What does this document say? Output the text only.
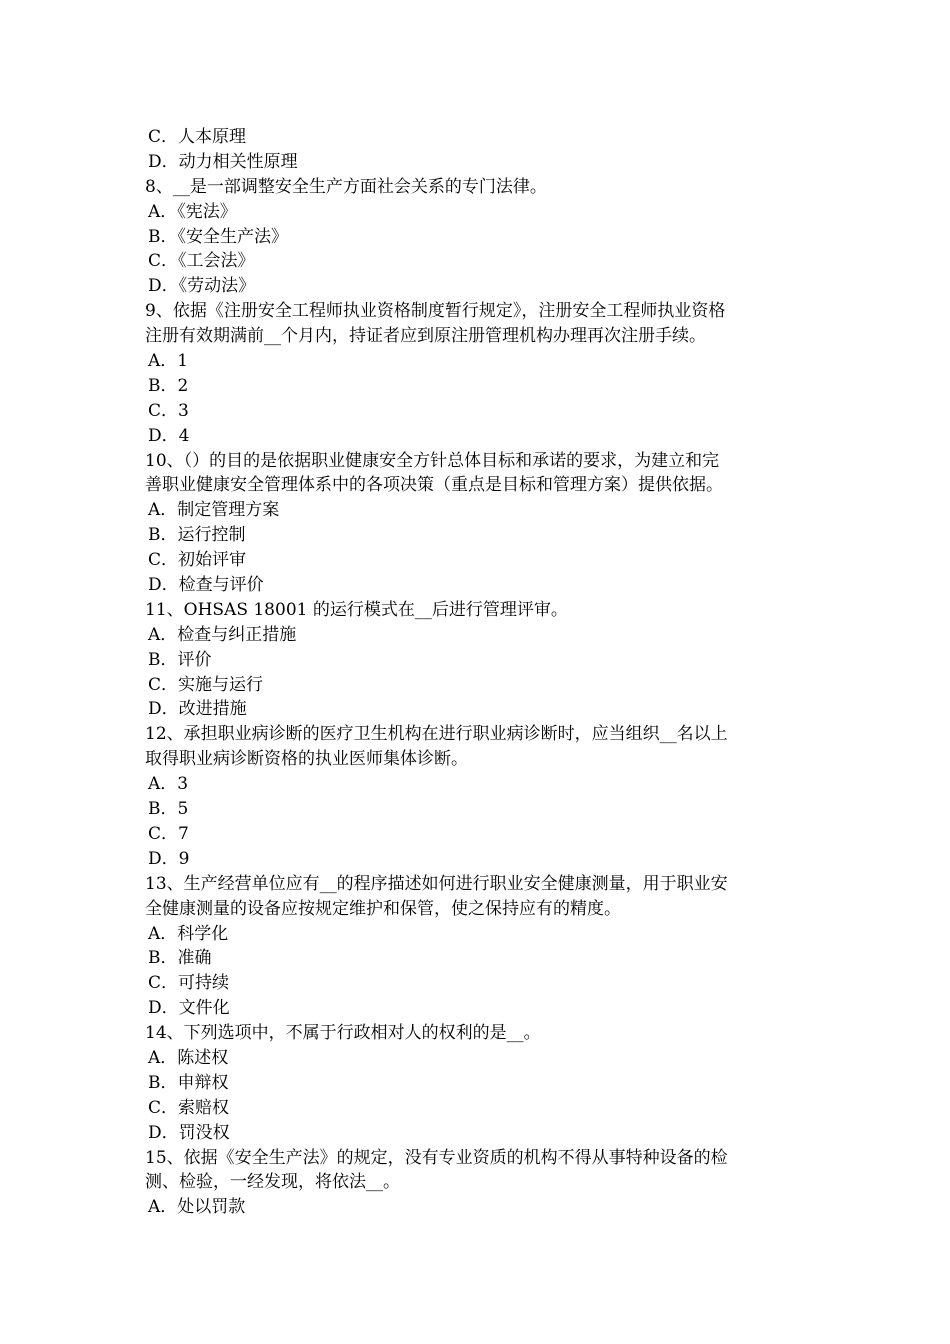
C．人本原理
D．动力相关性原理
8、__是一部调整安全生产方面社会关系的专门法律。
A．《宪法》
B．《安全生产法》
C．《工会法》
D．《劳动法》
9、依据《注册安全工程师执业资格制度暂行规定》，注册安全工程师执业资格
注册有效期满前__个月内，持证者应到原注册管理机构办理再次注册手续。
A．1
B．2
C．3
D．4
10、（）的目的是依据职业健康安全方针总体目标和承诺的要求，为建立和完
善职业健康安全管理体系中的各项决策（重点是目标和管理方案）提供依据。
A．制定管理方案
B．运行控制
C．初始评审
D．检查与评价
11、OHSAS 18001 的运行模式在__后进行管理评审。
A．检查与纠正措施
B．评价
C．实施与运行
D．改进措施
12、承担职业病诊断的医疗卫生机构在进行职业病诊断时，应当组织__名以上
取得职业病诊断资格的执业医师集体诊断。
A．3
B．5
C．7
D．9
13、生产经营单位应有__的程序描述如何进行职业安全健康测量，用于职业安
全健康测量的设备应按规定维护和保管，使之保持应有的精度。
A．科学化
B．准确
C．可持续
D．文件化
14、下列选项中，不属于行政相对人的权利的是__。
A．陈述权
B．申辩权
C．索赔权
D．罚没权
15、依据《安全生产法》的规定，没有专业资质的机构不得从事特种设备的检
测、检验，一经发现，将依法__。
A．处以罚款
